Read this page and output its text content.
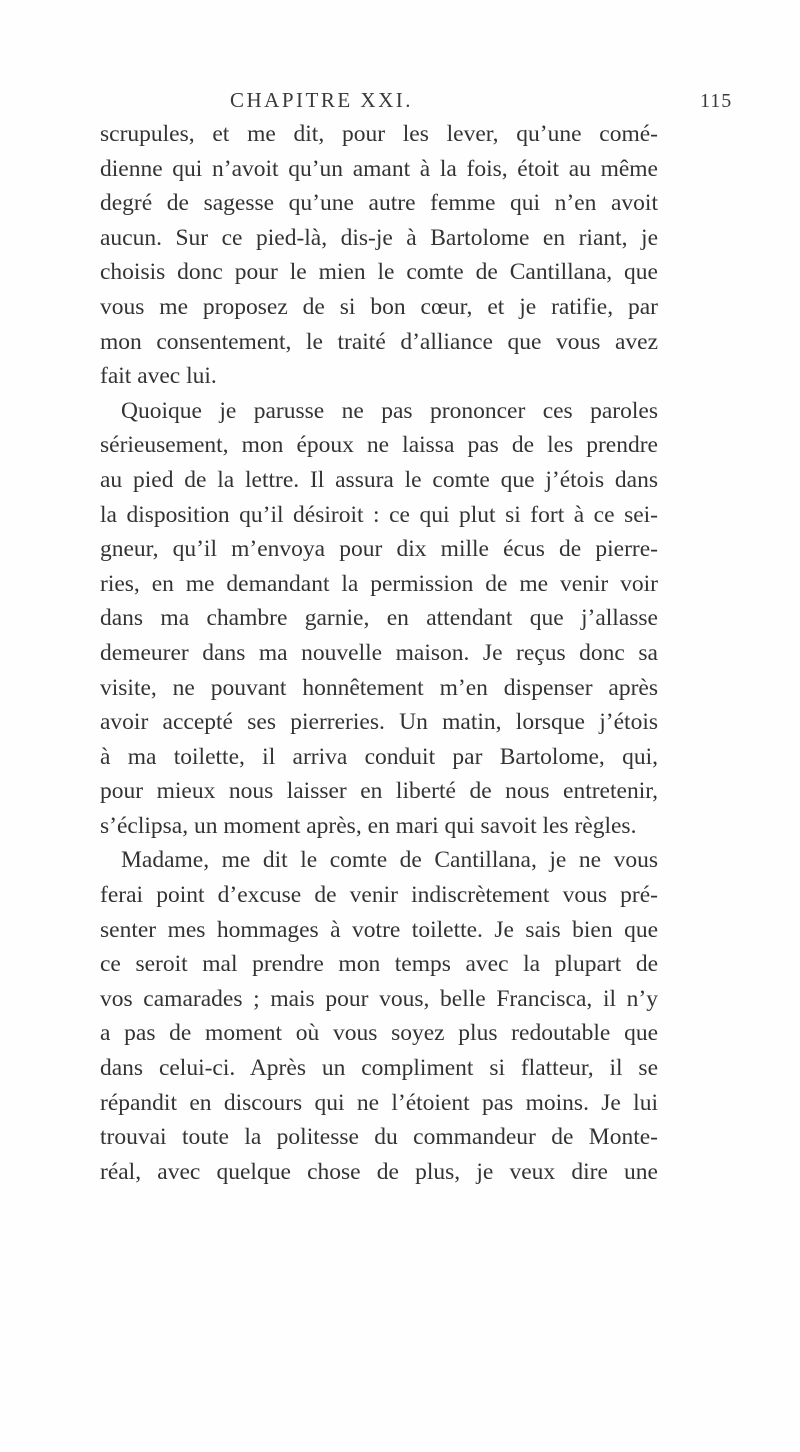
CHAPITRE XXI.	115
scrupules, et me dit, pour les lever, qu’une comé-
dienne qui n’avoit qu’un amant à la fois, étoit au même
degré de sagesse qu’une autre femme qui n’en avoit
aucun. Sur ce pied-là, dis-je à Bartolome en riant, je
choisis donc pour le mien le comte de Cantillana, que
vous me proposez de si bon cœur, et je ratifie, par
mon consentement, le traité d’alliance que vous avez
fait avec lui.
Quoique je parusse ne pas prononcer ces paroles
sérieusement, mon époux ne laissa pas de les prendre
au pied de la lettre. Il assura le comte que j’étois dans
la disposition qu’il désiroit : ce qui plut si fort à ce sei-
gneur, qu’il m’envoya pour dix mille écus de pierre-
ries, en me demandant la permission de me venir voir
dans ma chambre garnie, en attendant que j’allasse
demeurer dans ma nouvelle maison. Je reçus donc sa
visite, ne pouvant honnêtement m’en dispenser après
avoir accepté ses pierreries. Un matin, lorsque j’étois
à ma toilette, il arriva conduit par Bartolome, qui,
pour mieux nous laisser en liberté de nous entretenir,
s’éclipsa, un moment après, en mari qui savoit les règles.
Madame, me dit le comte de Cantillana, je ne vous
ferai point d’excuse de venir indiscrètement vous pré-
senter mes hommages à votre toilette. Je sais bien que
ce seroit mal prendre mon temps avec la plupart de
vos camarades ; mais pour vous, belle Francisca, il n’y
a pas de moment où vous soyez plus redoutable que
dans celui-ci. Après un compliment si flatteur, il se
répandit en discours qui ne l’étoient pas moins. Je lui
trouvai toute la politesse du commandeur de Monte-
réal, avec quelque chose de plus, je veux dire une
